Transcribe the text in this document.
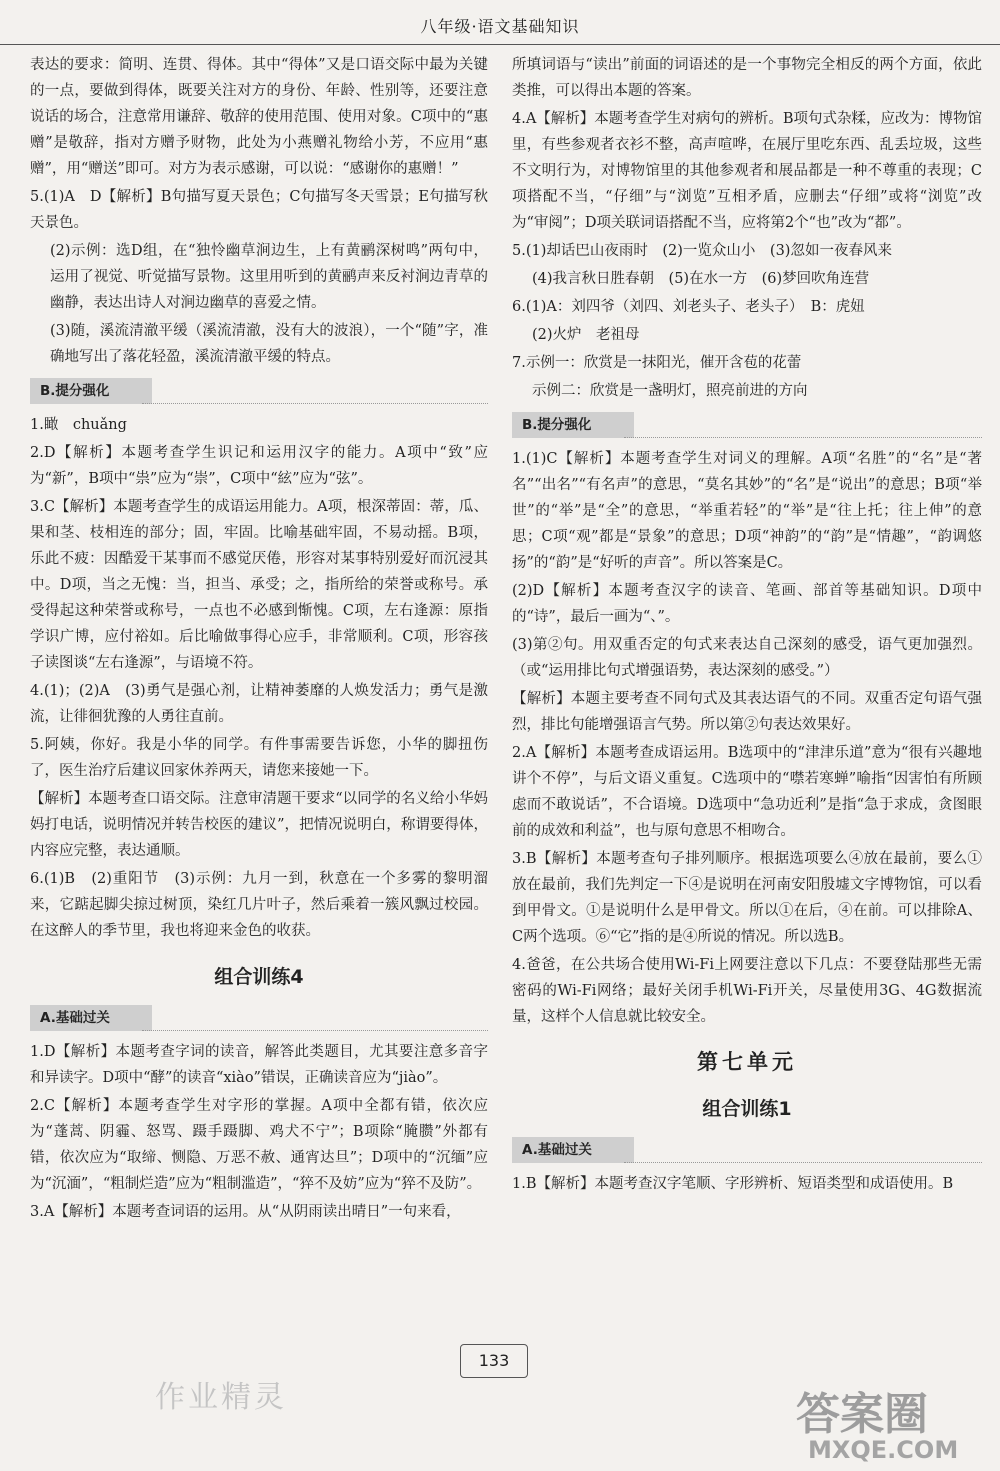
八年级·语文基础知识

表达的要求：简明、连贯、得体。其中“得体”又是口语交际中最为关键的一点，要做到得体，既要关注对方的身份、年龄、性别等，还要注意说话的场合，注意常用谦辞、敬辞的使用范围、使用对象。C项中的“惠赠”是敬辞，指对方赠予财物，此处为小燕赠礼物给小芳，不应用“惠赠”，用“赠送”即可。对方为表示感谢，可以说：“感谢你的惠赠！”

5.(1)A　D【解析】B句描写夏天景色；C句描写冬天雪景；E句描写秋天景色。

(2)示例：选D组，在“独怜幽草涧边生，上有黄鹂深树鸣”两句中，运用了视觉、听觉描写景物。这里用听到的黄鹂声来反衬涧边青草的幽静，表达出诗人对涧边幽草的喜爱之情。

(3)随，溪流清澈平缓（溪流清澈，没有大的波浪），一个“随”字，准确地写出了落花轻盈，溪流清澈平缓的特点。

B.提分强化

1.瞰　chuǎng

2.D【解析】本题考查学生识记和运用汉字的能力。A项中“致”应为“新”，B项中“祟”应为“崇”，C项中“絃”应为“弦”。

3.C【解析】本题考查学生的成语运用能力。A项，根深蒂固：蒂，瓜、果和茎、枝相连的部分；固，牢固。比喻基础牢固，不易动摇。B项，乐此不疲：因酷爱干某事而不感觉厌倦，形容对某事特别爱好而沉浸其中。D项，当之无愧：当，担当、承受；之，指所给的荣誉或称号。承受得起这种荣誉或称号，一点也不必感到惭愧。C项，左右逢源：原指学识广博，应付裕如。后比喻做事得心应手，非常顺利。C项，形容孩子读图谈“左右逢源”，与语境不符。

4.(1)；(2)A　(3)勇气是强心剂，让精神萎靡的人焕发活力；勇气是激流，让徘徊犹豫的人勇往直前。

5.阿姨，你好。我是小华的同学。有件事需要告诉您，小华的脚扭伤了，医生治疗后建议回家休养两天，请您来接她一下。

【解析】本题考查口语交际。注意审清题干要求“以同学的名义给小华妈妈打电话，说明情况并转告校医的建议”，把情况说明白，称谓要得体，内容应完整，表达通顺。

6.(1)B　(2)重阳节　(3)示例：九月一到，秋意在一个多雾的黎明溜来，它踮起脚尖掠过树顶，染红几片叶子，然后乘着一簇风飘过校园。在这醉人的季节里，我也将迎来金色的收获。

组合训练4
A.基础过关

1.D【解析】本题考查字词的读音，解答此类题目，尤其要注意多音字和异读字。D项中“酵”的读音“xiào”错误，正确读音应为“jiào”。

2.C【解析】本题考查学生对字形的掌握。A项中全都有错，依次应为“蓬蒿、阴霾、怒骂、蹑手蹑脚、鸡犬不宁”；B项除“腌臜”外都有错，依次应为“取缔、恻隐、万恶不赦、通宵达旦”；D项中的“沉缅”应为“沉湎”，“粗制烂造”应为“粗制滥造”，“猝不及妨”应为“猝不及防”。

3.A【解析】本题考查词语的运用。从“从阴雨读出晴日”一句来看，

所填词语与“读出”前面的词语述的是一个事物完全相反的两个方面，依此类推，可以得出本题的答案。

4.A【解析】本题考查学生对病句的辨析。B项句式杂糅，应改为：博物馆里，有些参观者衣衫不整，高声喧哗，在展厅里吃东西、乱丢垃圾，这些不文明行为，对博物馆里的其他参观者和展品都是一种不尊重的表现；C项搭配不当，“仔细”与“浏览”互相矛盾，应删去“仔细”或将“浏览”改为“审阅”；D项关联词语搭配不当，应将第2个“也”改为“都”。

5.(1)却话巴山夜雨时　(2)一览众山小　(3)忽如一夜春风来

(4)我言秋日胜春朝　(5)在水一方　(6)梦回吹角连营

6.(1)A：刘四爷（刘四、刘老头子、老头子）　B：虎妞

(2)火炉　老祖母

7.示例一：欣赏是一抹阳光，催开含苞的花蕾

示例二：欣赏是一盏明灯，照亮前进的方向

B.提分强化

1.(1)C【解析】本题考查学生对词义的理解。A项“名胜”的“名”是“著名”“出名”“有名声”的意思，“莫名其妙”的“名”是“说出”的意思；B项“举世”的“举”是“全”的意思，“举重若轻”的“举”是“往上托；往上伸”的意思；C项“观”都是“景象”的意思；D项“神韵”的“韵”是“情趣”，“韵调悠扬”的“韵”是“好听的声音”。所以答案是C。

(2)D【解析】本题考查汉字的读音、笔画、部首等基础知识。D项中的“诗”，最后一画为“、”。

(3)第②句。用双重否定的句式来表达自己深刻的感受，语气更加强烈。（或“运用排比句式增强语势，表达深刻的感受。”）

【解析】本题主要考查不同句式及其表达语气的不同。双重否定句语气强烈，排比句能增强语言气势。所以第②句表达效果好。

2.A【解析】本题考查成语运用。B选项中的“津津乐道”意为“很有兴趣地讲个不停”，与后文语义重复。C选项中的“噤若寒蝉”喻指“因害怕有所顾虑而不敢说话”，不合语境。D选项中“急功近利”是指“急于求成，贪图眼前的成效和利益”，也与原句意思不相吻合。

3.B【解析】本题考查句子排列顺序。根据选项要么④放在最前，要么①放在最前，我们先判定一下④是说明在河南安阳殷墟文字博物馆，可以看到甲骨文。①是说明什么是甲骨文。所以①在后，④在前。可以排除A、C两个选项。⑥“它”指的是④所说的情况。所以选B。

4.爸爸，在公共场合使用Wi-Fi上网要注意以下几点：不要登陆那些无需密码的Wi-Fi网络；最好关闭手机Wi-Fi开关，尽量使用3G、4G数据流量，这样个人信息就比较安全。

第七单元
组合训练1
A.基础过关

1.B【解析】本题考查汉字笔顺、字形辨析、短语类型和成语使用。B

133
作业精灵	答案圈
MXQE.COM
